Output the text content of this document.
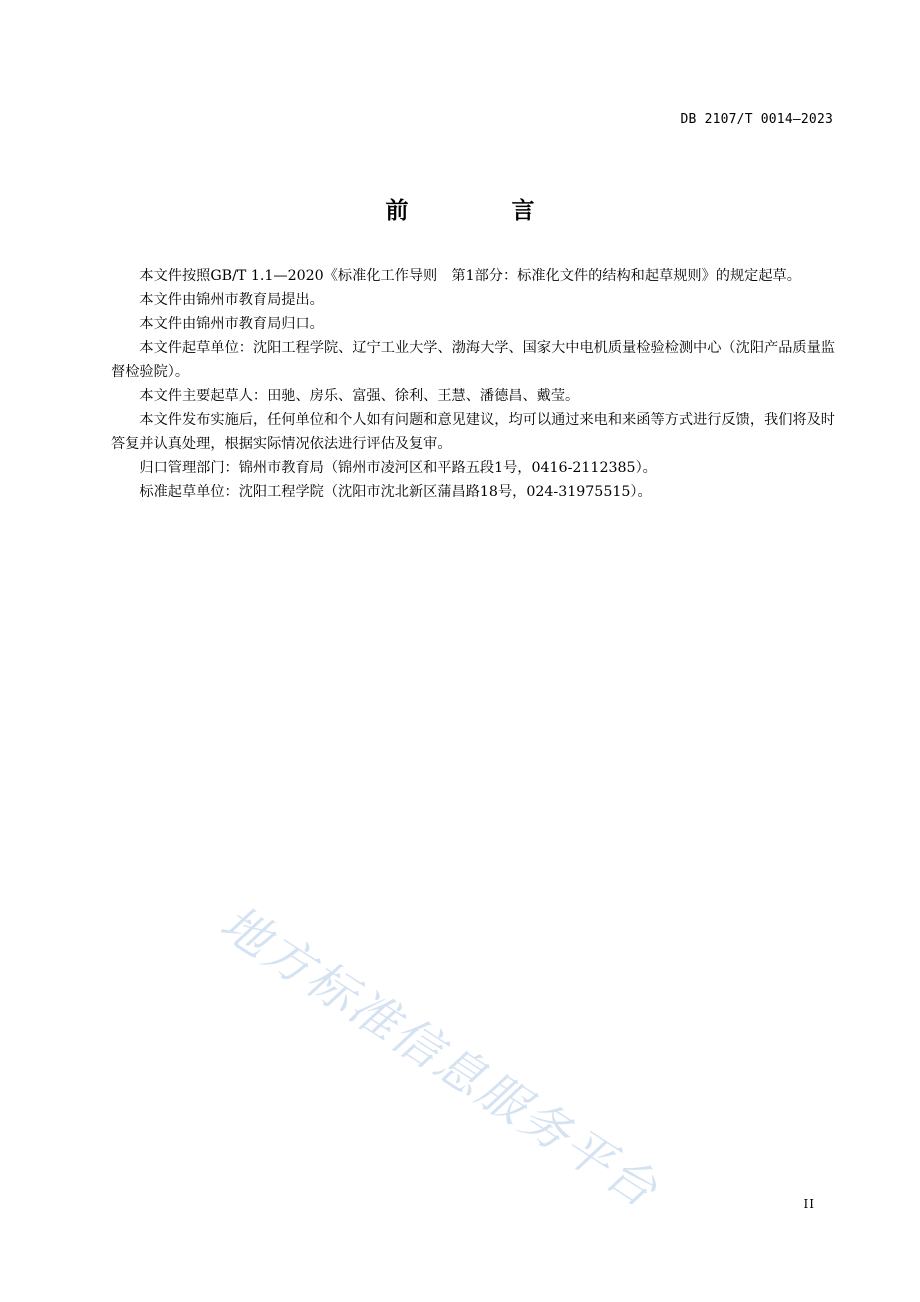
DB 2107/T 0014—2023
前　言

本文件按照GB/T 1.1—2020《标准化工作导则　第1部分：标准化文件的结构和起草规则》的规定起草。

本文件由锦州市教育局提出。

本文件由锦州市教育局归口。

本文件起草单位：沈阳工程学院、辽宁工业大学、渤海大学、国家大中电机质量检验检测中心（沈阳产品质量监督检验院）。

本文件主要起草人：田驰、房乐、富强、徐利、王慧、潘德昌、戴莹。

本文件发布实施后，任何单位和个人如有问题和意见建议，均可以通过来电和来函等方式进行反馈，我们将及时答复并认真处理，根据实际情况依法进行评估及复审。

归口管理部门：锦州市教育局（锦州市凌河区和平路五段1号，0416-2112385）。

标准起草单位：沈阳工程学院（沈阳市沈北新区蒲昌路18号，024-31975515）。

地方标准信息服务平台	II
